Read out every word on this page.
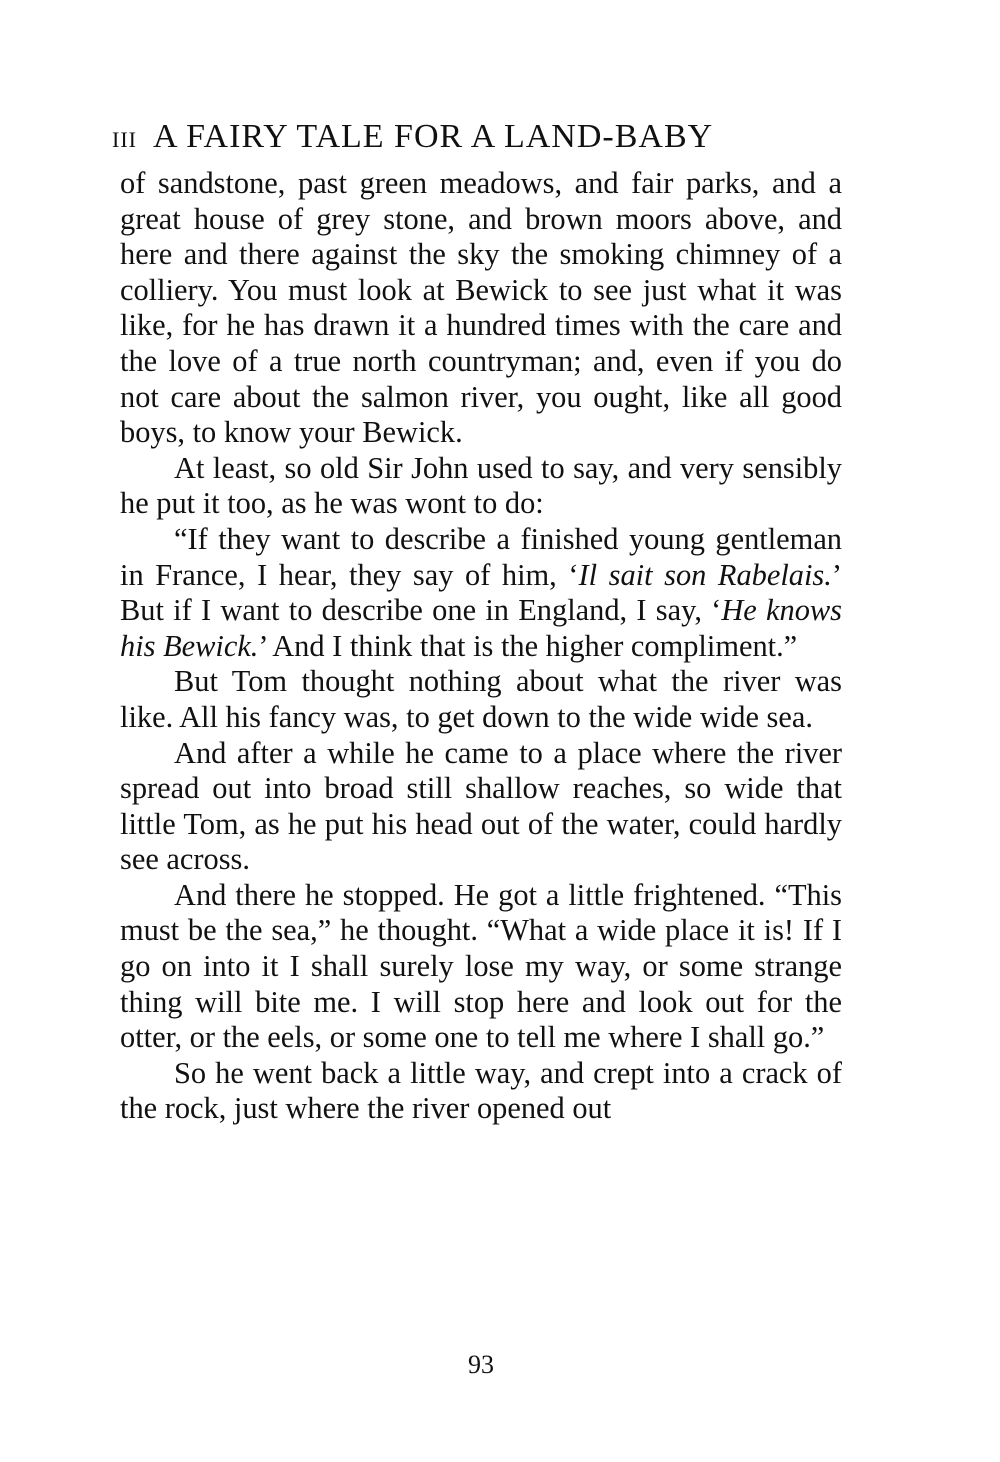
III A FAIRY TALE FOR A LAND-BABY

of sandstone, past green meadows, and fair parks, and a great house of grey stone, and brown moors above, and here and there against the sky the smoking chimney of a colliery. You must look at Bewick to see just what it was like, for he has drawn it a hundred times with the care and the love of a true north countryman; and, even if you do not care about the salmon river, you ought, like all good boys, to know your Bewick.

At least, so old Sir John used to say, and very sensibly he put it too, as he was wont to do:

“If they want to describe a finished young gentleman in France, I hear, they say of him, ‘Il sait son Rabelais.’ But if I want to describe one in England, I say, ‘He knows his Bewick.’ And I think that is the higher compliment.”

But Tom thought nothing about what the river was like. All his fancy was, to get down to the wide wide sea.

And after a while he came to a place where the river spread out into broad still shallow reaches, so wide that little Tom, as he put his head out of the water, could hardly see across.

And there he stopped. He got a little frightened. “This must be the sea,” he thought. “What a wide place it is! If I go on into it I shall surely lose my way, or some strange thing will bite me. I will stop here and look out for the otter, or the eels, or some one to tell me where I shall go.”

So he went back a little way, and crept into a crack of the rock, just where the river opened out

93
